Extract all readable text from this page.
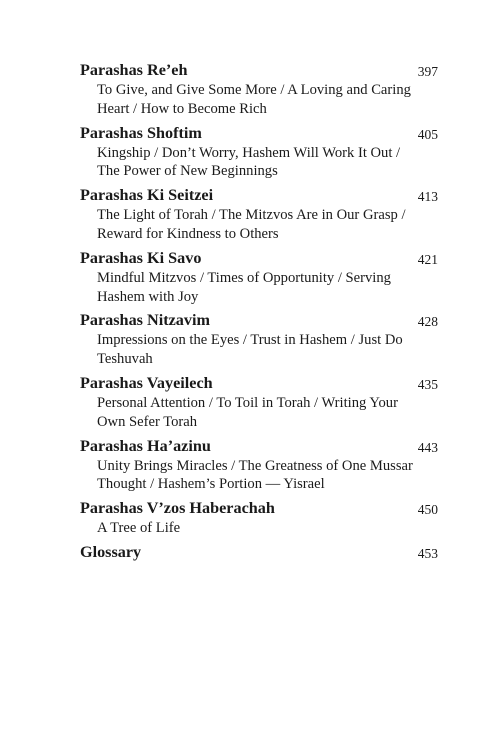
Parashas Re’eh	397

To Give, and Give Some More / A Loving and Caring Heart / How to Become Rich

Parashas Shoftim	405

Kingship / Don’t Worry, Hashem Will Work It Out / The Power of New Beginnings

Parashas Ki Seitzei	413

The Light of Torah / The Mitzvos Are in Our Grasp / Reward for Kindness to Others

Parashas Ki Savo	421

Mindful Mitzvos / Times of Opportunity / Serving Hashem with Joy

Parashas Nitzavim	428

Impressions on the Eyes / Trust in Hashem / Just Do Teshuvah

Parashas Vayeilech	435

Personal Attention / To Toil in Torah / Writing Your Own Sefer Torah

Parashas Ha’azinu	443

Unity Brings Miracles / The Greatness of One Mussar Thought / Hashem’s Portion — Yisrael

Parashas V’zos Haberachah	450

A Tree of Life

Glossary	453
